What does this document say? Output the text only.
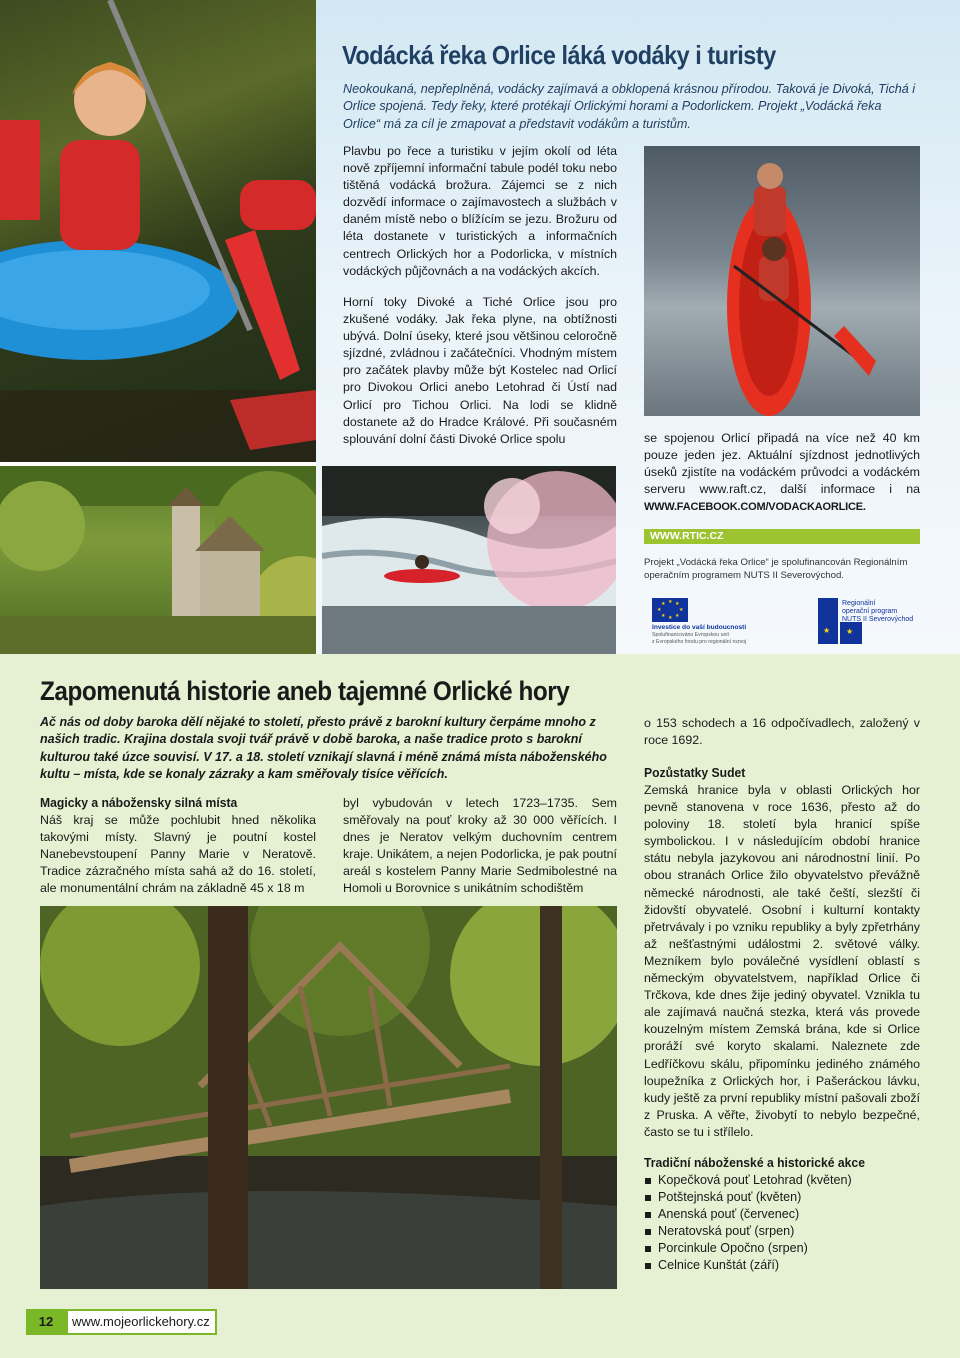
Vodácká řeka Orlice láká vodáky i turisty
Neokoukaná, nepřeplněná, vodácky zajímavá a obklopená krásnou přírodou. Taková je Divoká, Tichá i Orlice spojená. Tedy řeky, které protékají Orlickými horami a Podorlickem. Projekt „Vodácká řeka Orlice“ má za cíl je zmapovat a představit vodákům a turistům.
Plavbu po řece a turistiku v jejím okolí od léta nově zpříjemní informační tabule podél toku nebo tištěná vodácká brožura. Zájemci se z nich dozvědí informace o zajímavostech a službách v daném místě nebo o blížícím se jezu. Brožuru od léta dostanete v turistických a informačních centrech Orlických hor a Podorlicka, v místních vodáckých půjčovnách a na vodáckých akcích.
Horní toky Divoké a Tiché Orlice jsou pro zkušené vodáky. Jak řeka plyne, na obtížnosti ubývá. Dolní úseky, které jsou většinou celoročně sjízdné, zvládnou i začátečníci. Vhodným místem pro začátek plavby může být Kostelec nad Orlicí pro Divokou Orlici anebo Letohrad či Ústí nad Orlicí pro Tichou Orlici. Na lodi se klidně dostanete až do Hradce Králové. Při současném splouvání dolní části Divoké Orlice spolu	se spojenou Orlicí připadá na více než 40 km pouze jeden jez. Aktuální sjízdnost jednotlivých úseků zjistíte na vodáckém průvodci a vodáckém serveru www.raft.cz, další informace i na WWW.FACEBOOK.COM/VODACKAORLICE.
WWW.RTIC.CZ
Projekt „Vodácká řeka Orlice“ je spolufinancován Regionálním operačním programem NUTS II Severovýchod.
★ ★
★
★
★
★
★
★
Investice do vaší budoucnosti
Spolufinancováno Evropskou unií
z Evropského fondu pro regionální rozvoj
★ ★
Regionální
operační program
NUTS II Severovýchod
Zapomenutá historie aneb tajemné Orlické hory
Ač nás od doby baroka dělí nějaké to století, přesto právě z barokní kultury čerpáme mnoho z našich tradic. Krajina dostala svoji tvář právě v době baroka, a naše tradice proto s barokní kulturou také úzce souvisí. V 17. a 18. století vznikají slavná i méně známá místa náboženského kultu – místa, kde se konaly zázraky a kam směřovaly tisíce věřících.
Magicky a nábožensky silná místa
Náš kraj se může pochlubit hned několika takovými místy. Slavný je poutní kostel Nanebevstoupení Panny Marie v Neratově. Tradice zázračného místa sahá až do 16. století, ale monumentální chrám na základně 45 x 18 m
byl vybudován v letech 1723–1735. Sem směřovaly na pouť kroky až 30 000 věřících. I dnes je Neratov velkým duchovním centrem kraje. Unikátem, a nejen Podorlicka, je pak poutní areál s kostelem Panny Marie Sedmibolestné na Homoli u Borovnice s unikátním schodištěm
o 153 schodech a 16 odpočívadlech, založený v roce 1692.
Pozůstatky Sudet
Zemská hranice byla v oblasti Orlických hor pevně stanovena v roce 1636, přesto až do poloviny 18. století byla hranicí spíše symbolickou. I v následujícím období hranice státu nebyla jazykovou ani národnostní linií. Po obou stranách Orlice žilo obyvatelstvo převážně německé národnosti, ale také čeští, slezští či židovští obyvatelé. Osobní i kulturní kontakty přetrvávaly i po vzniku republiky a byly zpřetrhány až nešťastnými událostmi 2. světové války. Mezníkem bylo poválečné vysídlení oblastí s německým obyvatelstvem, například Orlice či Trčkova, kde dnes žije jediný obyvatel. Vznikla tu ale zajímavá naučná stezka, která vás provede kouzelným místem Zemská brána, kde si Orlice proráží své koryto skalami. Naleznete zde Ledříčkovu skálu, připomínku jediného známého loupežníka z Orlických hor, i Pašeráckou lávku, kudy ještě za první republiky místní pašovali zboží z Pruska. A věřte, živobytí to nebylo bezpečné, často se tu i střílelo.
Tradiční náboženské a historické akce
Kopečková pouť Letohrad (květen)
Potštejnská pouť (květen)
Anenská pouť (červenec)
Neratovská pouť (srpen)
Porcinkule Opočno (srpen)
Celnice Kunštát (září)
12	www.mojeorlickehory.cz
